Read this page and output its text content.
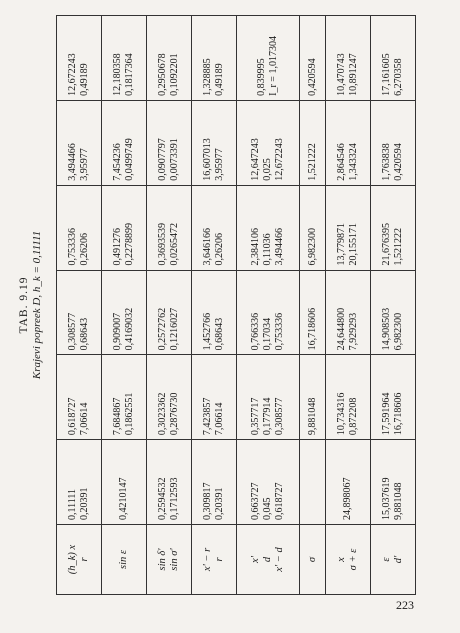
TAB. 9.19 Krajevi popreek D, h_k = 0,11111
(h_k) x r	0,11111 0,20391	0,618727 7,06614	0,308577 0,68643	0,753336 0,26206	3,494466 3,95977	12,672243 0,49189

sin ε	0,4210147	7,684867 0,1862551	0,909007 0,4169032	0,491276 0,2278899	7,454236 0,0499749	12,180358 0,1817364

sin δ' sin σ'	0,2594532 0,1712593	0,3023362 0,2876730	0,2572762 0,1216027	0,3693539 0,0265472	0,0907797 0,0073391	0,2950678 0,1092201

x' − r r	0,309817 0,20391	7,423857 7,06614	1,452766 0,68643	3,646166 0,26206	16,607013 3,95977	1,328885 0,49189

x' d x' − d	0,663727 0,045 0,618727	0,357717 0,177914 0,308577	0,766336 0,17034 0,753336	2,384106 0,11036 3,494466	12,647243 0,025 12,672243	0,839995 I_r = 1,017304

σ		9,881048	16,718606	6,982300	1,521222	0,420594

x σ + ε	24,898067	10,734316 0,872208	24,644800 7,929293	13,779871 20,155171	2,864546 1,343324	10,470743 10,891247

ε d'	15,037619 9,881048	17,591964 16,718606	14,908503 6,982300	21,676395 1,521222	1,763838 0,420594	17,161605 6,270358
223
